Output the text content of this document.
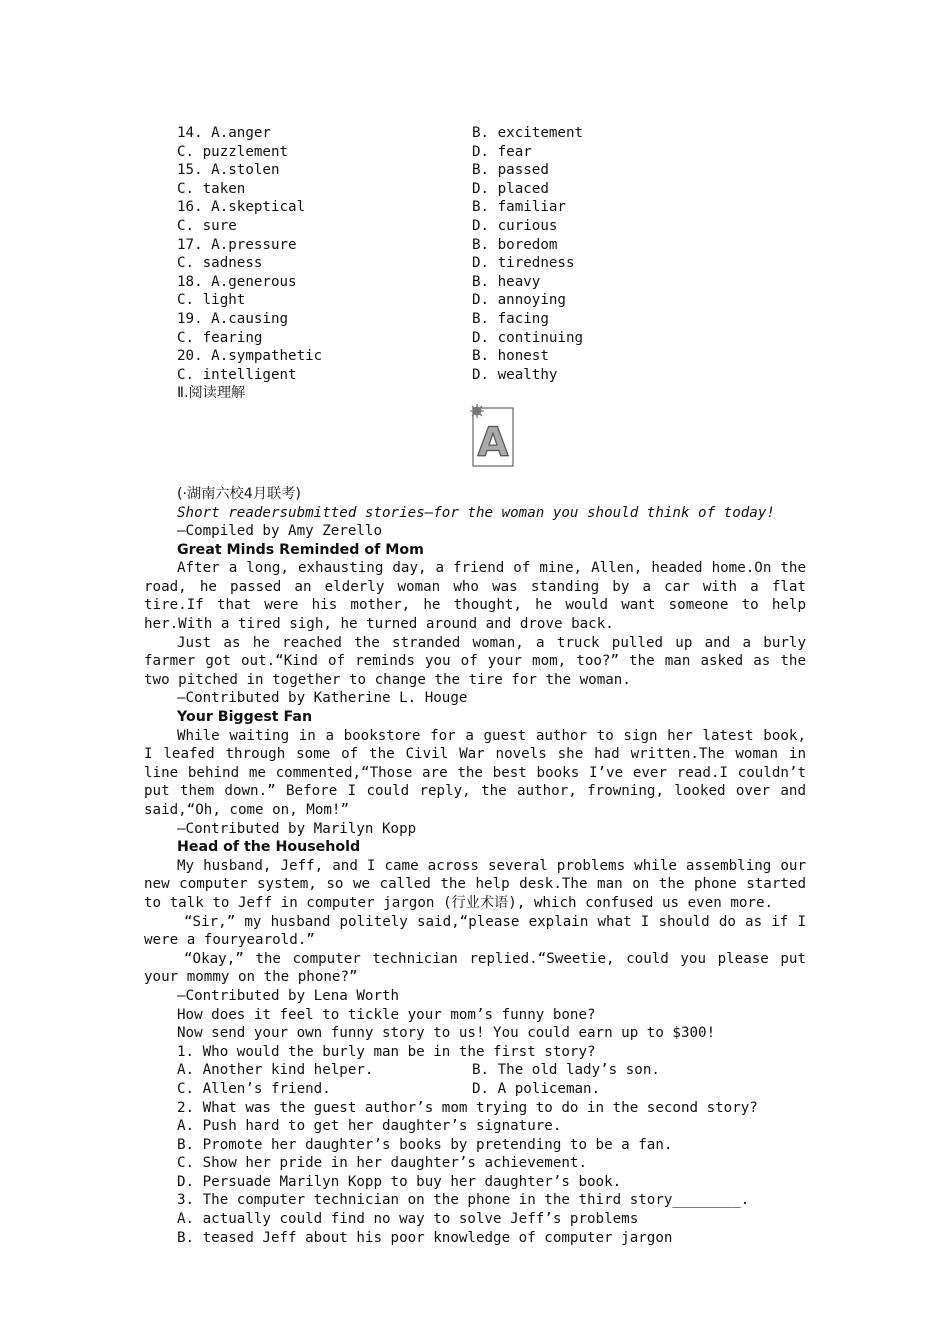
14. A.anger	B. excitement
C. puzzlement	D. fear
15. A.stolen	B. passed
C. taken	D. placed
16. A.skeptical	B. familiar
C. sure	D. curious
17. A.pressure	B. boredom
C. sadness	D. tiredness
18. A.generous	B. heavy
C. light	D. annoying
19. A.causing	B. facing
C. fearing	D. continuing
20. A.sympathetic	B. honest
C. intelligent	D. wealthy
Ⅱ.阅读理解
(·湖南六校4月联考)
Short readersubmitted stories—for the woman you should think of today!
—Compiled by Amy Zerello
Great Minds Reminded of Mom
After a long, exhausting day, a friend of mine, Allen, headed home.On the road, he passed an elderly woman who was standing by a car with a flat tire.If that were his mother, he thought, he would want someone to help her.With a tired sigh, he turned around and drove back.
Just as he reached the stranded woman, a truck pulled up and a burly farmer got out.“Kind of reminds you of your mom, too?” the man asked as the two pitched in together to change the tire for the woman.
—Contributed by Katherine L. Houge
Your Biggest Fan
While waiting in a bookstore for a guest author to sign her latest book, I leafed through some of the Civil War novels she had written.The woman in line behind me commented,“Those are the best books I’ve ever read.I couldn’t put them down.” Before I could reply, the author, frowning, looked over and said,“Oh, come on, Mom!”
—Contributed by Marilyn Kopp
Head of the Household
My husband, Jeff, and I came across several problems while assembling our new computer system, so we called the help desk.The man on the phone started to talk to Jeff in computer jargon (行业术语), which confused us even more.
“Sir,” my husband politely said,“please explain what I should do as if I were a fouryearold.”
“Okay,” the computer technician replied.“Sweetie, could you please put your mommy on the phone?”
—Contributed by Lena Worth
How does it feel to tickle your mom’s funny bone?
Now send your own funny story to us! You could earn up to $300!
1. Who would the burly man be in the first story?
A. Another kind helper.	B. The old lady’s son.
C. Allen’s friend.	D. A policeman.
2. What was the guest author’s mom trying to do in the second story?
A. Push hard to get her daughter’s signature.
B. Promote her daughter’s books by pretending to be a fan.
C. Show her pride in her daughter’s achievement.
D. Persuade Marilyn Kopp to buy her daughter’s book.
3. The computer technician on the phone in the third story________.
A. actually could find no way to solve Jeff’s problems
B. teased Jeff about his poor knowledge of computer jargon
A
